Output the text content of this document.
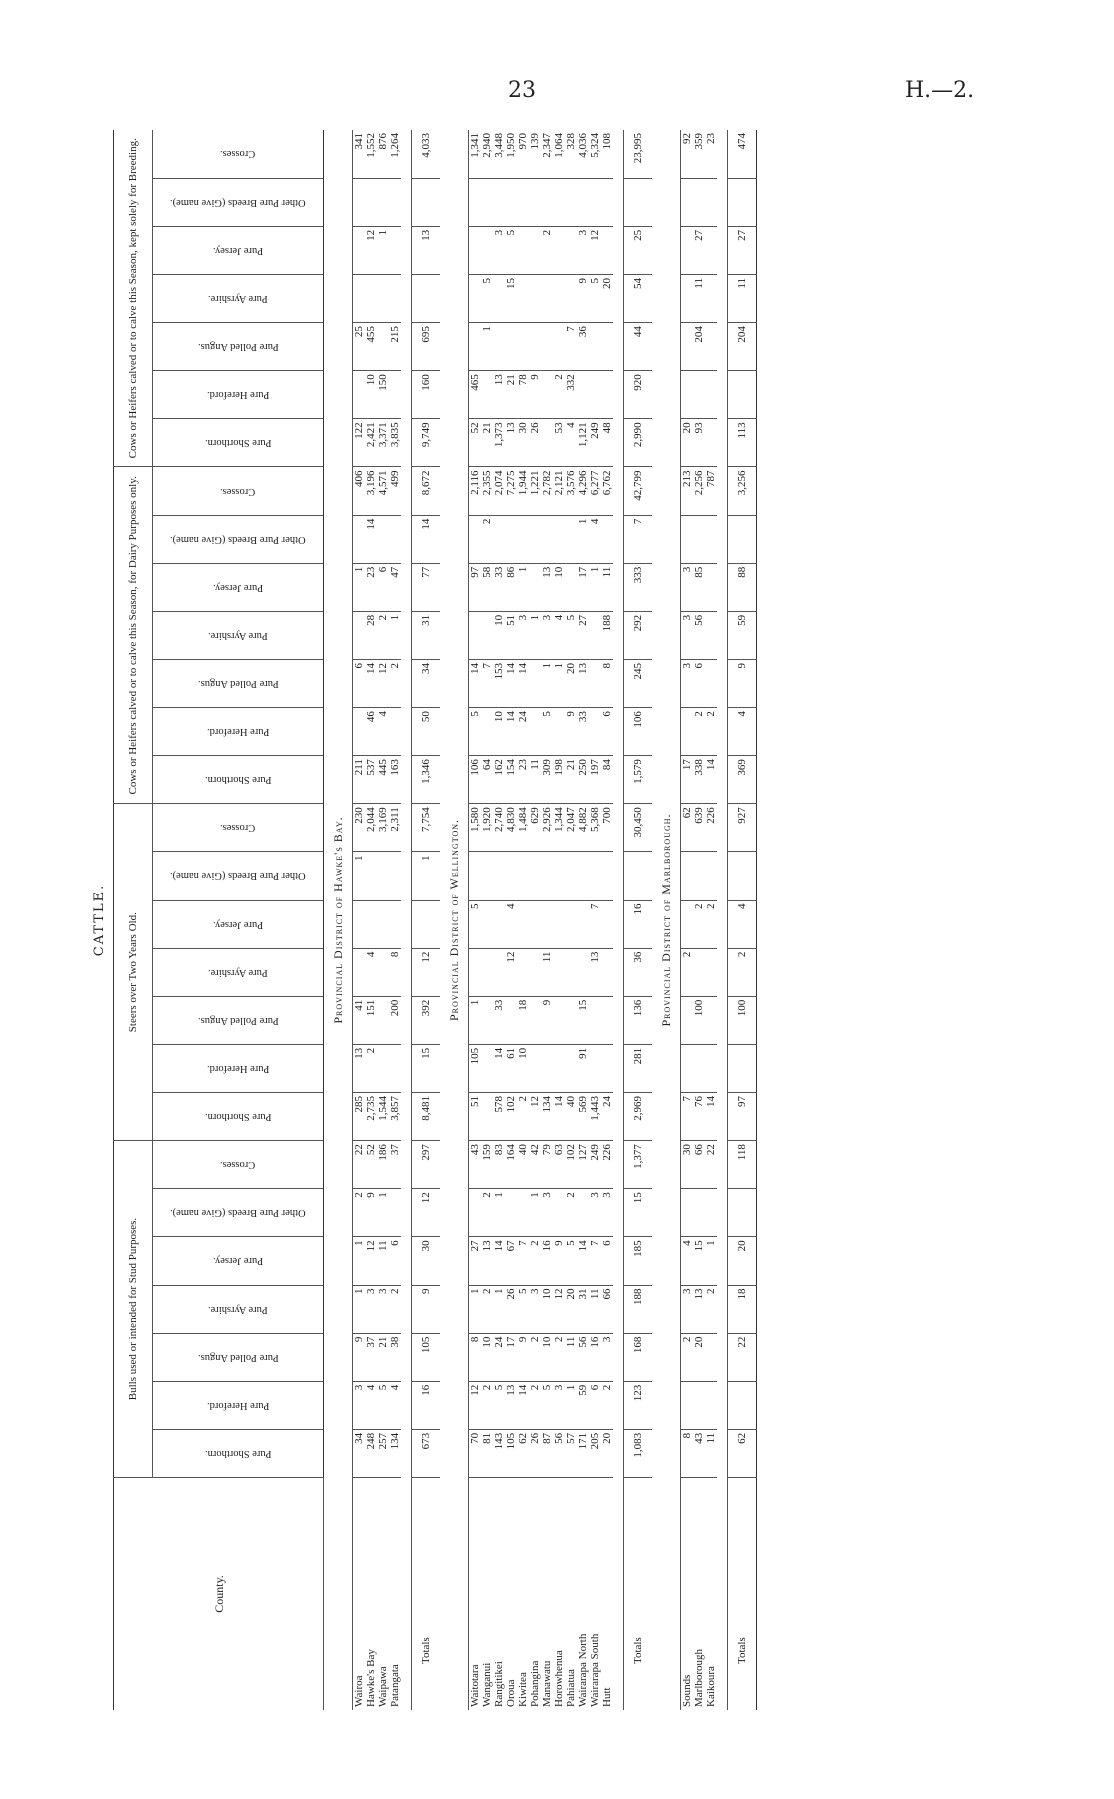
23	H.—2.
CATTLE.
County.	Bulls used or intended for Stud Purposes.							Steers over Two Years Old.							Cows or Heifers calved or to calve this Season, for Dairy Purposes only.							Cows or Heifers calved or to calve this Season, kept solely for Breeding.						

	Pure Shorthorn.	Pure Hereford.	Pure Polled Angus.	Pure Ayrshire.	Pure Jersey.	Other Pure Breeds (Give name).	Crosses.	Pure Shorthorn.	Pure Hereford.	Pure Polled Angus.	Pure Ayrshire.	Pure Jersey.	Other Pure Breeds (Give name).	Crosses.	Pure Shorthorn.	Pure Hereford.	Pure Polled Angus.	Pure Ayrshire.	Pure Jersey.	Other Pure Breeds (Give name).	Crosses.	Pure Shorthorn.	Pure Hereford.	Pure Polled Angus.	Pure Ayrshire.	Pure Jersey.	Other Pure Breeds (Give name).	Crosses.

Provincial District of Hawke's Bay.																												
Wairoa	34	3	9	1	1	2	22	285	13	41			1	230	211		6		1		406	122		25				341
Hawke's Bay	248	4	37	3	12	9	52	2,735	2	151	4			2,044	537	46	14	28	23	14	3,196	2,421	10	455		12		1,552
Waipawa	257	5	21	3	11	1	186	1,544						3,169	445	4	12	2	6		4,571	3,371	150			1		876
Patangata	134	4	38	2	6		37	3,857		200	8			2,311	163		2	1	47		499	3,835		215				1,264

Totals	673	16	105	9	30	12	297	8,481	15	392	12		1	7,754	1,346	50	34	31	77	14	8,672	9,749	160	695		13		4,033
Provincial District of Wellington.																												
Waitotara	70	12	8	1	27		43	51	105	1		5		1,580	106	5	14		97		2,116	52	465					1,341
Wanganui	81	2	10	2	13	2	159							1,920	64		7		58	2	2,355	21		1	5			2,940
Rangitikei	143	5	24	1	14	1	83	578	14	33				2,740	162	10	153	10	33		2,074	1,373	13			3		3,448
Oroua	105	13	17	26	67		164	102	61		12	4		4,830	154	14	14	51	86		7,275	13	21		15	5		1,950
Kiwitea	62	14	9	5	7		40	2	10	18				1,484	23	24	14	3	1		1,944	30	78					970
Pohangina	26	2	2	3	2	1	42	12						629	11			1			1,221	26	9					139
Manawatu	87	5	10	10	16	3	79	134		9	11			2,926	309	5	1	3	13		2,782					2		2,347
Horowhenua	56	3	2	12	9		63	14						1,344	198		1	4	10		2,121	53	2					1,064
Pahiatua	57	1	11	20	5	2	102	40						2,047	21	9	20	5			3,576	4	332	7				328
Wairarapa North	171	59	56	31	14		127	569	91	15				4,882	250	33	13	27	17	1	4,296	1,121		36	9	3		4,036
Wairarapa South	205	6	16	11	7	3	249	1,443			13	7		5,368	197				1	4	6,277	249			5	12		5,324
Hutt	20	2	3	66	6	3	226	24						700	84	6	8	188	11		6,762	48			20			108

Totals	1,083	123	168	188	185	15	1,377	2,969	281	136	36	16		30,450	1,579	106	245	292	333	7	42,799	2,990	920	44	54	25		23,995
Provincial District of Marlborough.																												
Sounds	8		2	3	4		30	7			2			62	17		3	3	3		213	20						92
Marlborough	43		20	13	15		66	76		100		2		639	338	2	6	56	85		2,256	93		204	11	27		359
Kaikoura	11			2	1		22	14				2		226	14	2					787							23

Totals	62		22	18	20		118	97		100	2	4		927	369	4	9	59	88		3,256	113		204	11	27		474
